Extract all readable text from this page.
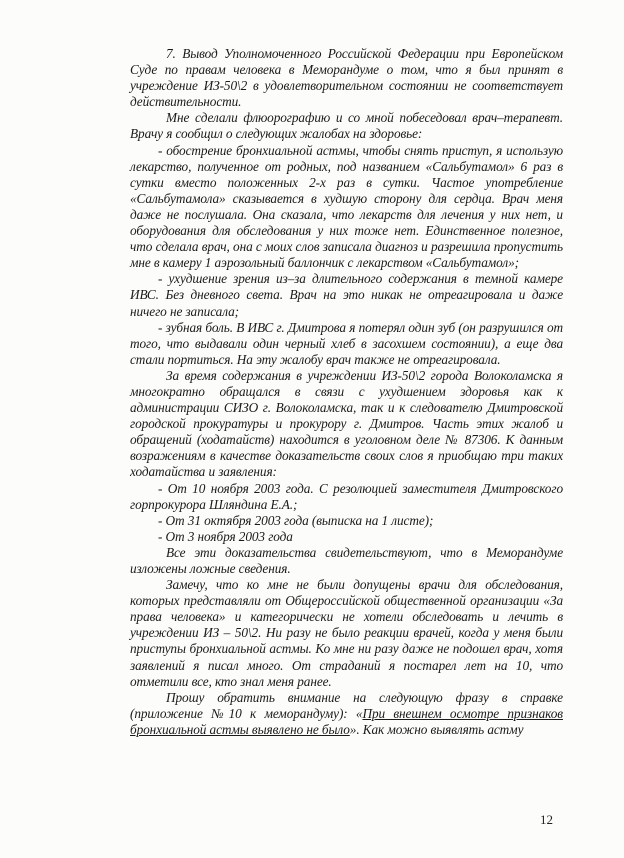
7. Вывод Уполномоченного Российской Федерации при Европейском Суде по правам человека в Меморандуме о том, что я был принят в учреждение ИЗ-50\2 в удовлетворительном состоянии не соответствует действительности.

Мне сделали флюорографию и со мной побеседовал врач–терапевт. Врачу я сообщил о следующих жалобах на здоровье:

- обострение бронхиальной астмы, чтобы снять приступ, я использую лекарство, полученное от родных, под названием «Сальбутамол» 6 раз в сутки вместо положенных 2-х раз в сутки. Частое употребление «Сальбутамола» сказывается в худшую сторону для сердца. Врач меня даже не послушала. Она сказала, что лекарств для лечения у них нет, и оборудования для обследования у них тоже нет. Единственное полезное, что сделала врач, она с моих слов записала диагноз и разрешила пропустить мне в камеру 1 аэрозольный баллончик с лекарством «Сальбутамол»;

- ухудшение зрения из–за длительного содержания в темной камере ИВС. Без дневного света. Врач на это никак не отреагировала и даже ничего не записала;

- зубная боль. В ИВС г. Дмитрова я потерял один зуб (он разрушился от того, что выдавали один черный хлеб в засохшем состоянии), а еще два стали портиться. На эту жалобу врач также не отреагировала.

За время содержания в учреждении ИЗ-50\2 города Волоколамска я многократно обращался в связи с ухудшением здоровья как к администрации СИЗО г. Волоколамска, так и к следователю Дмитровской городской прокуратуры и прокурору г. Дмитров. Часть этих жалоб и обращений (ходатайств) находится в уголовном деле № 87306. К данным возражениям в качестве доказательств своих слов я приобщаю три таких ходатайства и заявления:

- От 10 ноября 2003 года. С резолюцией заместителя Дмитровского горпрокурора Шляндина Е.А.;

- От 31 октября 2003 года (выписка на 1 листе);

- От 3 ноября 2003 года

Все эти доказательства свидетельствуют, что в Меморандуме изложены ложные сведения.

Замечу, что ко мне не были допущены врачи для обследования, которых представляли от Общероссийской общественной организации «За права человека» и категорически не хотели обследовать и лечить в учреждении ИЗ – 50\2. Ни разу не было реакции врачей, когда у меня были приступы бронхиальной астмы. Ко мне ни разу даже не подошел врач, хотя заявлений я писал много. От страданий я постарел лет на 10, что отметили все, кто знал меня ранее.

Прошу обратить внимание на следующую фразу в справке (приложение №10 к меморандуму): «При внешнем осмотре признаков бронхиальной астмы выявлено не было». Как можно выявлять астму

12
